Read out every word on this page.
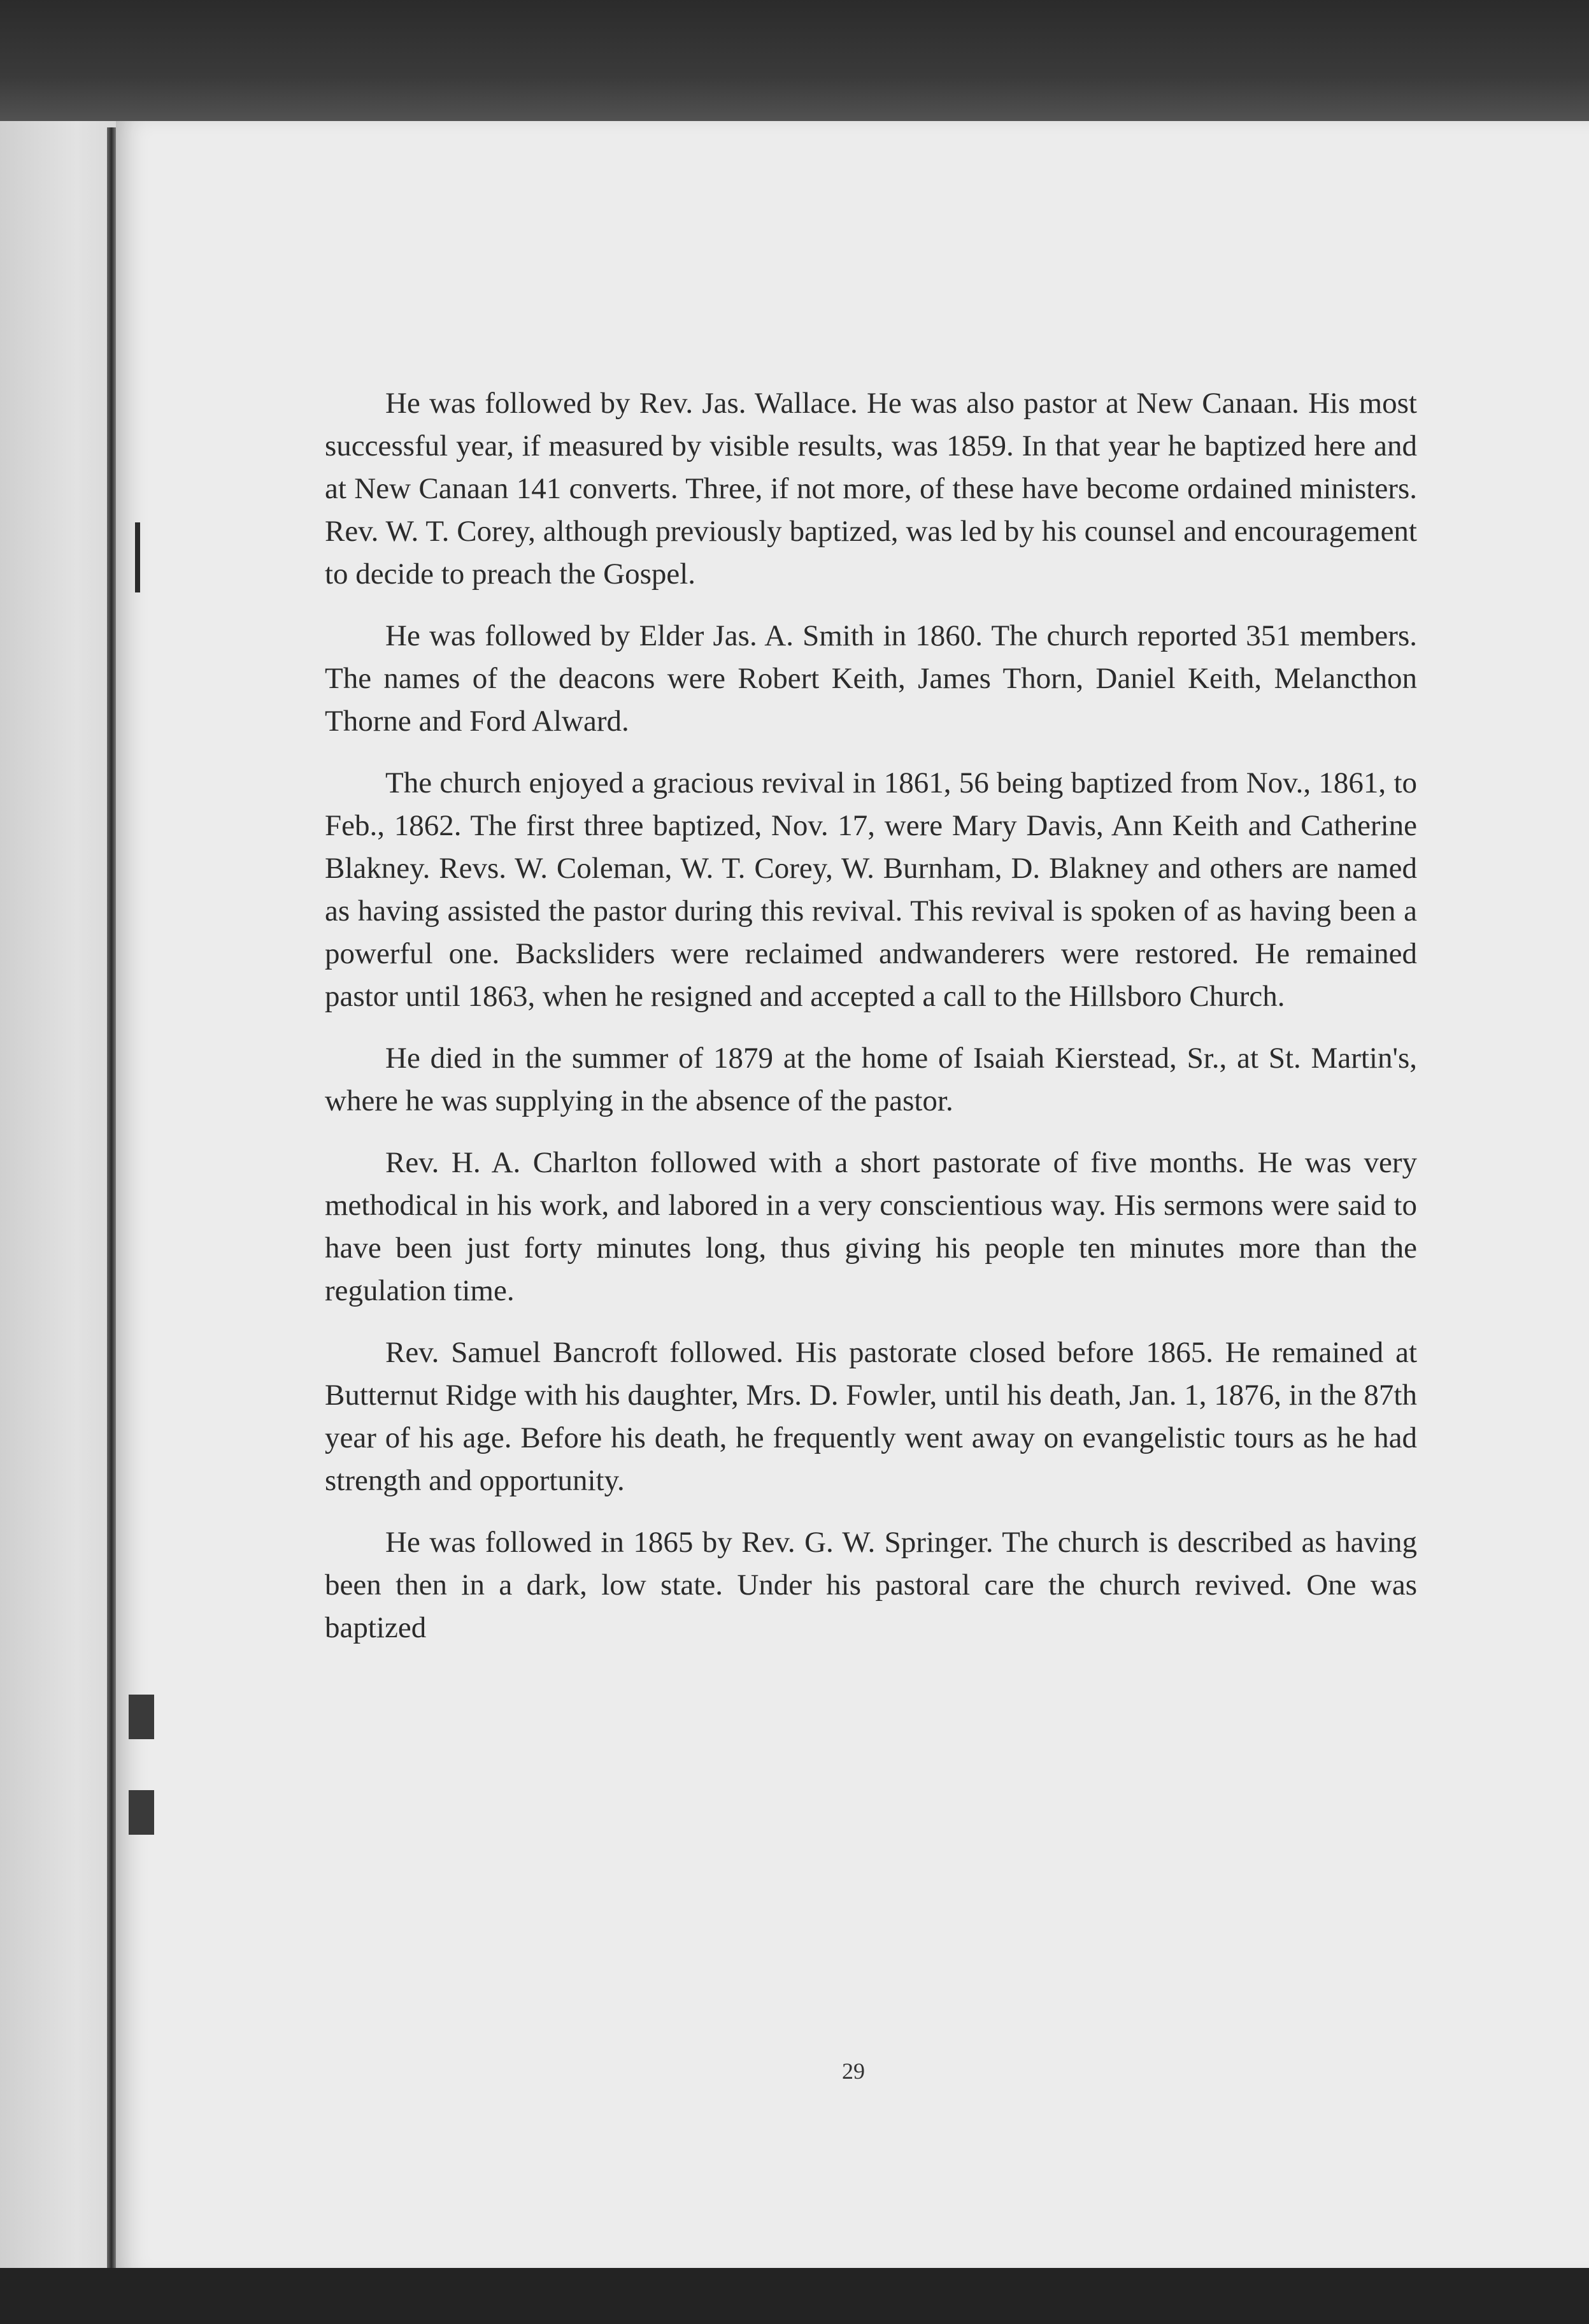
He was followed by Rev. Jas. Wallace. He was also pastor at New Canaan. His most successful year, if measured by visible results, was 1859. In that year he baptized here and at New Canaan 141 converts. Three, if not more, of these have become ordained ministers. Rev. W. T. Corey, although previously baptized, was led by his counsel and encouragement to decide to preach the Gospel.

He was followed by Elder Jas. A. Smith in 1860. The church reported 351 members. The names of the deacons were Robert Keith, James Thorn, Daniel Keith, Melancthon Thorne and Ford Alward.

The church enjoyed a gracious revival in 1861, 56 being baptized from Nov., 1861, to Feb., 1862. The first three baptized, Nov. 17, were Mary Davis, Ann Keith and Catherine Blakney. Revs. W. Coleman, W. T. Corey, W. Burnham, D. Blakney and others are named as having assisted the pastor during this revival. This revival is spoken of as having been a powerful one. Backsliders were reclaimed andwanderers were restored. He remained pastor until 1863, when he resigned and accepted a call to the Hillsboro Church.

He died in the summer of 1879 at the home of Isaiah Kierstead, Sr., at St. Martin's, where he was supplying in the absence of the pastor.

Rev. H. A. Charlton followed with a short pastorate of five months. He was very methodical in his work, and labored in a very conscientious way. His sermons were said to have been just forty minutes long, thus giving his people ten minutes more than the regulation time.

Rev. Samuel Bancroft followed. His pastorate closed before 1865. He remained at Butternut Ridge with his daughter, Mrs. D. Fowler, until his death, Jan. 1, 1876, in the 87th year of his age. Before his death, he frequently went away on evangelistic tours as he had strength and opportunity.

He was followed in 1865 by Rev. G. W. Springer. The church is described as having been then in a dark, low state. Under his pastoral care the church revived. One was baptized

29
